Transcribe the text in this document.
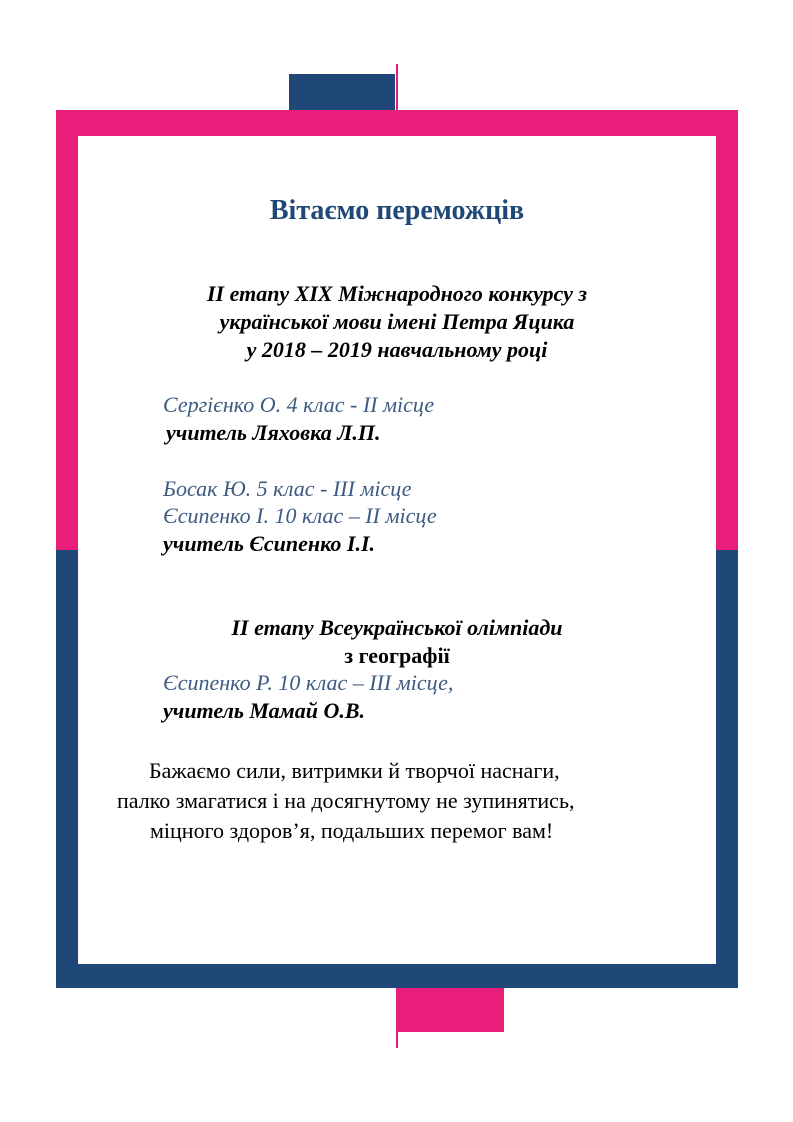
Вітаємо переможців
ІІ етапу ХІХ Міжнародного конкурсу з
української мови імені Петра Яцика
у 2018 – 2019 навчальному році
Сергієнко О. 4 клас - ІІ місце
учитель Ляховка Л.П.
Босак Ю. 5 клас - ІІІ місце
Єсипенко І. 10 клас – ІІ місце
учитель Єсипенко І.І.
ІІ етапу Всеукраїнської олімпіади
з географії
Єсипенко Р. 10 клас – ІІІ місце,
учитель Мамай О.В.
Бажаємо сили, витримки й творчої наснаги,
палко змагатися і на досягнутому не зупинятись,
міцного здоров’я, подальших перемог вам!
